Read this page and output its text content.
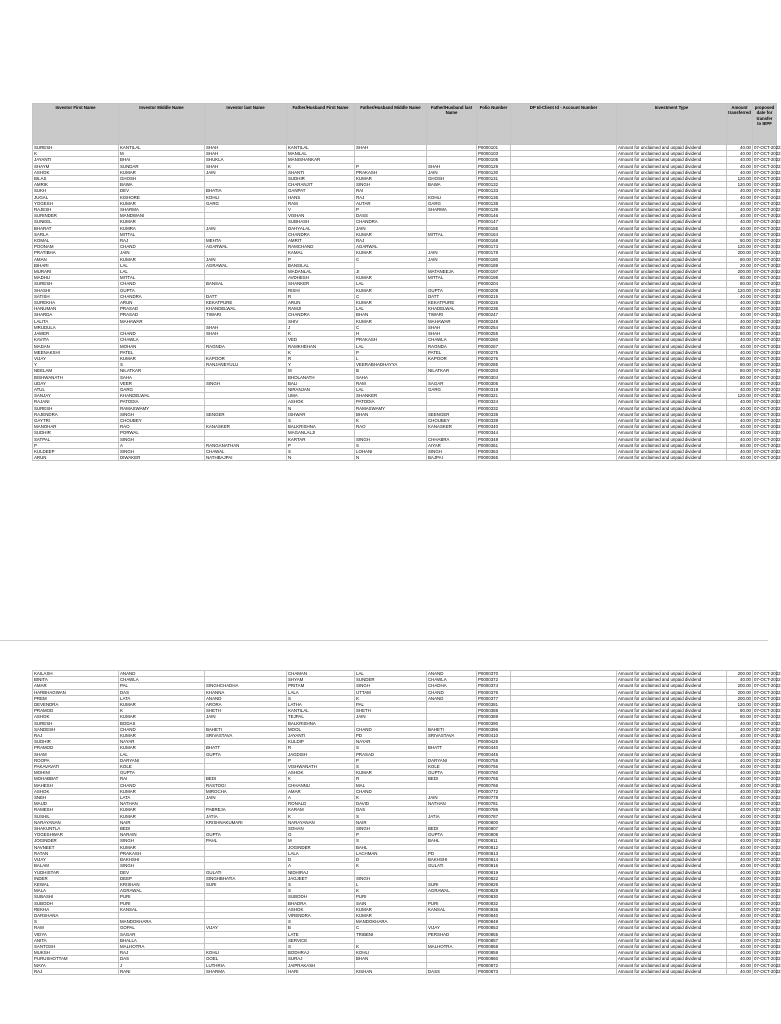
Investor First Name	Investor Middle Name	Investor last Name	Father/Husband First Name	Father/Husband Middle Name	Father/Husband last Name	Folio Number	DP Id-Client Id - Account Number	Investment Type	Amount transferred	proposed date for transfer to IEPF
SURESH	KANTILAL	SHAH	KANTILAL	SHAH		P0000101		Amount for unclaimed and unpaid dividend	40.00	07-OCT-2022
K	M	SHAH	MANILAL			P0000103		Amount for unclaimed and unpaid dividend	40.00	07-OCT-2022
JAYANTI	BHAI	SHUKLA	MANISHANKAR			P0000105		Amount for unclaimed and unpaid dividend	40.00	07-OCT-2022
SHAYM	SUNDAR	SHAH	K	P	SHAH	P0000129		Amount for unclaimed and unpaid dividend	40.00	07-OCT-2022
ASHOK	KUMAR	JAIN	SHANTI	PRAKASH	JAIN	P0000130		Amount for unclaimed and unpaid dividend	40.00	07-OCT-2022
BILAS	GHOSH		SUDHIR	KUMAR	GHOSH	P0000131		Amount for unclaimed and unpaid dividend	120.00	07-OCT-2022
AMRIK	BAWA		CHARANJIT	SINGH	BAWA	P0000132		Amount for unclaimed and unpaid dividend	120.00	07-OCT-2022
SUKH	DEV	BHATIA	GANPAT	RAI		P0000133		Amount for unclaimed and unpaid dividend	40.00	07-OCT-2022
JUGAL	KISHORE	KOHLI	HANS	RAJ	KOHLI	P0000136		Amount for unclaimed and unpaid dividend	40.00	07-OCT-2022
YOGESH	KUMAR	GARG	RAM	AUTAR	GARG	P0000138		Amount for unclaimed and unpaid dividend	40.00	07-OCT-2022
RAJESH	SHARMA		V	P	SHARMA	P0000139		Amount for unclaimed and unpaid dividend	40.00	07-OCT-2022
SURINDER	MANDWANI		VISHAN	DASS		P0000146		Amount for unclaimed and unpaid dividend	40.00	07-OCT-2022
SUNEEL	KUMAR		SUBHASH	CHANDRA		P0000147		Amount for unclaimed and unpaid dividend	40.00	07-OCT-2022
BHARAT	KUMRA	JAIN	DAHYALAL	JAIN		P0000155		Amount for unclaimed and unpaid dividend	40.00	07-OCT-2022
SARLA	MITTAL		CHANDRA	KUMAR	MITTAL	P0000164		Amount for unclaimed and unpaid dividend	40.00	07-OCT-2022
KOMAL	RAJ	MEHTA	AMRIT	RAJ		P0000168		Amount for unclaimed and unpaid dividend	80.00	07-OCT-2022
POONAM	CHAND	AGARWAL	RAMCHAND	AGARWAL		P0000173		Amount for unclaimed and unpaid dividend	120.00	07-OCT-2022
PRATIBHA	JAIN		KAMAL	KUMAR	JAIN	P0000178		Amount for unclaimed and unpaid dividend	200.00	07-OCT-2022
AMAN	KUMAR	JAIN	P	C	JAIN	P0000180		Amount for unclaimed and unpaid dividend	80.00	07-OCT-2022
BIHARI	LAL	AGRAWAL	BANSILAL			P0000189		Amount for unclaimed and unpaid dividend	20.00	07-OCT-2022
MURARI	LAL		MADANLAL	JI	MATANEEJA	P0000197		Amount for unclaimed and unpaid dividend	200.00	07-OCT-2022
MADHU	MITTAL		AVDHESH	KUMAR	MITTAL	P0000199		Amount for unclaimed and unpaid dividend	80.00	07-OCT-2022
SURESH	CHAND	BANSAL	SHANKER	LAL		P0000204		Amount for unclaimed and unpaid dividend	80.00	07-OCT-2022
SHASHI	GUPTA		RISHI	KUMAR	GUPTA	P0000209		Amount for unclaimed and unpaid dividend	120.00	07-OCT-2022
SATISH	CHANDRA	DATT	R	C	DATT	P0000215		Amount for unclaimed and unpaid dividend	40.00	07-OCT-2022
SUREKHA	ARUN	KEKATPURE	ARUN	KUMAR	KEKATPURE	P0000226		Amount for unclaimed and unpaid dividend	40.00	07-OCT-2022
HANUMAN	PRASAD	KHANDELWAL	RAMJI	LAL	KHADELWAL	P0000236		Amount for unclaimed and unpaid dividend	40.00	07-OCT-2022
SHARDA	PRASAD	TIWARI	CHANDRA	BHAN	TIWARI	P0000247		Amount for unclaimed and unpaid dividend	40.00	07-OCT-2022
LALITA	MAHAWAR		SHIV	KUMAR	MAHAWAR	P0000249		Amount for unclaimed and unpaid dividend	40.00	07-OCT-2022
MRUDULA		SHAH	J	C	SHAH	P0000254		Amount for unclaimed and unpaid dividend	80.00	07-OCT-2022
JAWER	CHAND	SHAH	K	H	SHAH	P0000255		Amount for unclaimed and unpaid dividend	80.00	07-OCT-2022
KAVITA	CHAWLA		VED	PRAKASH	CHAWLA	P0000260		Amount for unclaimed and unpaid dividend	40.00	07-OCT-2022
MADAN	MOHAN	RAGNDA	RAMKHEHAN	LAL	RAGNDA	P0000267		Amount for unclaimed and unpaid dividend	40.00	07-OCT-2022
MEENAKSHI	PATEL		K	P	PATEL	P0000275		Amount for unclaimed and unpaid dividend	40.00	07-OCT-2022
VIJAY	KUMAR	KAPOOR	R	L	KAPOOR	P0000276		Amount for unclaimed and unpaid dividend	80.00	07-OCT-2022
Y	S	RANJANEYULU	Y	VEERABHADHAYYA		P0000285		Amount for unclaimed and unpaid dividend	80.00	07-OCT-2022
NEELAM	NILATKAR		M	B	NILATKAR	P0000293		Amount for unclaimed and unpaid dividend	80.00	07-OCT-2022
BISHWANATH	SAHA		BHOLANATH	SAHA		P0000304		Amount for unclaimed and unpaid dividend	80.00	07-OCT-2022
UDAY	VEER	SINGH	BALI	RAM	SAGAR	P0000305		Amount for unclaimed and unpaid dividend	40.00	07-OCT-2022
ATUL	GARG		NIRANJAN	LAL	GARG	P0000319		Amount for unclaimed and unpaid dividend	40.00	07-OCT-2022
SANJAY	KHANDELWAL		UMA	SHANKER		P0000321		Amount for unclaimed and unpaid dividend	120.00	07-OCT-2022
RAJANI	PATODIA		ASHOK	PATODIA		P0000324		Amount for unclaimed and unpaid dividend	40.00	07-OCT-2022
SURESH	RAMASWAMY		N	RAMASWAMY		P0000332		Amount for unclaimed and unpaid dividend	40.00	07-OCT-2022
RAJENDRA	SINGH	SENGER	ISHWAR	BHAN	SEENGER	P0000338		Amount for unclaimed and unpaid dividend	40.00	07-OCT-2022
GAYTRI	CHOUBEY		S	K	CHOUBEY	P0000339		Amount for unclaimed and unpaid dividend	40.00	07-OCT-2022
MANOHAR	RAO	KANASKER	BALKRISHNA	RAO	KANASKER	P0000340		Amount for unclaimed and unpaid dividend	40.00	07-OCT-2022
SUDHIR	PORWAL		MAGANLALJI			P0000344		Amount for unclaimed and unpaid dividend	40.00	07-OCT-2022
SATPAL	SINGH		KARTAR	SINGH	CHHABRA	P0000348		Amount for unclaimed and unpaid dividend	40.00	07-OCT-2022
P	A	RANGANATHAN	P	S	AIYAR	P0000361		Amount for unclaimed and unpaid dividend	60.00	07-OCT-2022
KULDEEP	SINGH	CHAWAL	S	LOHANI	SINGH	P0000363		Amount for unclaimed and unpaid dividend	40.00	07-OCT-2022
ARUN	DIWAKER	NATHBAJPAI	N	N	BAJPAI	P0000365		Amount for unclaimed and unpaid dividend	40.00	07-OCT-2022
KAILASH	ANAND		CHAMAN	LAL	ANAND	P0000370		Amount for unclaimed and unpaid dividend	200.00	07-OCT-2022
BINITA	CHAWLA		SHYAM	SUNDER	CHAWLA	P0000372		Amount for unclaimed and unpaid dividend	40.00	07-OCT-2022
AMAR	PAL	SINGHCHADHA	PRITAM	SINGH	CHADHA	P0000374		Amount for unclaimed and unpaid dividend	200.00	07-OCT-2022
HARBHAGWAN	DAS	KHANNA	LALA	UTTAM	CHAND	P0000376		Amount for unclaimed and unpaid dividend	200.00	07-OCT-2022
PREM	LATA	ANAND	S	K	ANAND	P0000377		Amount for unclaimed and unpaid dividend	200.00	07-OCT-2022
DEVENDRA	KUMAR	ARORA	LATHA	PAL		P0000381		Amount for unclaimed and unpaid dividend	120.00	07-OCT-2022
PRAMOD	K	SHETH	KANTILAL	SHETH		P0000388		Amount for unclaimed and unpaid dividend	80.00	07-OCT-2022
ASHOK	KUMAR	JAIN	TEJPAL	JAIN		P0000389		Amount for unclaimed and unpaid dividend	80.00	07-OCT-2022
SURESH	BODAS		BALKRISHNA			P0000390		Amount for unclaimed and unpaid dividend	40.00	07-OCT-2022
SANDESH	CHAND	BAHETI	MOOL	CHAND	BAHETI	P0000396		Amount for unclaimed and unpaid dividend	40.00	07-OCT-2022
RAJ	KUMAR	SRIVASTAVA	JAYANTI	PD	SRIVASTAVA	P0000410		Amount for unclaimed and unpaid dividend	40.00	07-OCT-2022
SUDHIR	NAYAR		KULDIP	NAYAR		P0000425		Amount for unclaimed and unpaid dividend	40.00	07-OCT-2022
PRAMOD	KUMAR	BHATT	R	S	BHATT	P0000440		Amount for unclaimed and unpaid dividend	40.00	07-OCT-2022
SHAM	LAL	GUPTA	JAGDISH	PRASAD		P0000446		Amount for unclaimed and unpaid dividend	40.00	07-OCT-2022
ROOPA	DARYANI		P	P	DARYANI	P0000755		Amount for unclaimed and unpaid dividend	40.00	07-OCT-2022
PAKAVAVATI	KOLE		VISHWANATH	S	KOLE	P0000756		Amount for unclaimed and unpaid dividend	40.00	07-OCT-2022
MOHINI	GUPTA		ASHOK	KUMAR	GUPTA	P0000760		Amount for unclaimed and unpaid dividend	40.00	07-OCT-2022
MOHABBAT	RAI	BEDI	K	R	BEDI	P0000765		Amount for unclaimed and unpaid dividend	40.00	07-OCT-2022
MAHESH	CHAND	RASTOGI	CHHANNU	MAL		P0000766		Amount for unclaimed and unpaid dividend	40.00	07-OCT-2022
ASHOK	KUMAR	MIROCHA	AMAR	CHAND		P0000772		Amount for unclaimed and unpaid dividend	40.00	07-OCT-2022
SNEH	LATA	JAIN	A	K	JAIN	P0000779		Amount for unclaimed and unpaid dividend	40.00	07-OCT-2022
MAUD	NATHAN		RONALD	DAVID	NATHAN	P0000781		Amount for unclaimed and unpaid dividend	40.00	07-OCT-2022
RAMESH	KUMAR	PABREJA	KARAM	DAS		P0000786		Amount for unclaimed and unpaid dividend	40.00	07-OCT-2022
SUSHIL	KUMAR	JATIA	K	S	JATIA	P0000787		Amount for unclaimed and unpaid dividend	40.00	07-OCT-2022
NARAYANAN	NAIR	KRISHNAKUMARI	NARAYANAN	NAIR		P0000800		Amount for unclaimed and unpaid dividend	40.00	07-OCT-2022
SHAKUNTLA	BEDI		SOHAN	SINGH	BEDI	P0000807		Amount for unclaimed and unpaid dividend	40.00	07-OCT-2022
YOGESHWAR	NARAIN	GUPTA	O	P	GUPTA	P0000808		Amount for unclaimed and unpaid dividend	40.00	07-OCT-2022
JOGINDER	SINGH	PAHL	M	S	BAHL	P0000811		Amount for unclaimed and unpaid dividend	40.00	07-OCT-2022
NAVNEET	KUMAR		JOGINDER	BAHL		P0000812		Amount for unclaimed and unpaid dividend	40.00	07-OCT-2022
RATAN	PRAKASH		LALA	LACHMAN	PD	P0000813		Amount for unclaimed and unpaid dividend	40.00	07-OCT-2022
VIJAY	BAKHSHI		D	D	BAKHSHI	P0000814		Amount for unclaimed and unpaid dividend	40.00	07-OCT-2022
BALAM	SINGH		A	K	GULATI	P0000816		Amount for unclaimed and unpaid dividend	40.00	07-OCT-2022
YUDHISTAR	DEV	GULATI	NIDHIRAJ			P0000819		Amount for unclaimed and unpaid dividend	40.00	07-OCT-2022
INDER	DEEP	SINGHBHATIA	JAGJEET	SINGH		P0000822		Amount for unclaimed and unpaid dividend	40.00	07-OCT-2022
KEWAL	KRISHAN	SURI	S	L	SURI	P0000826		Amount for unclaimed and unpaid dividend	40.00	07-OCT-2022
MALA	AGRAWAL		S	K	AGRAWAL	P0000828		Amount for unclaimed and unpaid dividend	40.00	07-OCT-2022
SUBASHI	PURI		SUBODH	PURI		P0000830		Amount for unclaimed and unpaid dividend	40.00	07-OCT-2022
SUBODH	PURI		BHADRA	SAIN	PURI	P0000832		Amount for unclaimed and unpaid dividend	40.00	07-OCT-2022
REKHA	KANSAL		ASHOK	KUMAR	KANSAL	P0000836		Amount for unclaimed and unpaid dividend	40.00	07-OCT-2022
DARSHANA			VIRENDRA	KUMAR		P0000840		Amount for unclaimed and unpaid dividend	40.00	07-OCT-2022
S	MANDOKHARA		S	MANDOKHARA		P0000849		Amount for unclaimed and unpaid dividend	40.00	07-OCT-2022
RAM	GOPAL	VIJAY	B	C	VIJAY	P0000853		Amount for unclaimed and unpaid dividend	40.00	07-OCT-2022
VIDYA	SAGAR		LATE	TRIBENI	PERSHAD	P0000855		Amount for unclaimed and unpaid dividend	40.00	07-OCT-2022
ANITA	BHALLA		SERVICE			P0000857		Amount for unclaimed and unpaid dividend	40.00	07-OCT-2022
SANTOSH	MALHOTRA		S	K	MALHOTRA	P0000858		Amount for unclaimed and unpaid dividend	40.00	07-OCT-2022
MUKSH	RAJ	KOHLI	BODHRAJ	KOHLI		P0000859		Amount for unclaimed and unpaid dividend	40.00	07-OCT-2022
PURUSHOTTAM	DAS	GOEL	SURAJ	BHAN		P0000860		Amount for unclaimed and unpaid dividend	40.00	07-OCT-2022
MAYA	J	LUTHRIA	JAIPRAKASH			P0000872		Amount for unclaimed and unpaid dividend	40.00	07-OCT-2022
RAJ	RANI	SHARMA	HARI	KISHAN	DASS	P0000873		Amount for unclaimed and unpaid dividend	40.00	07-OCT-2022
